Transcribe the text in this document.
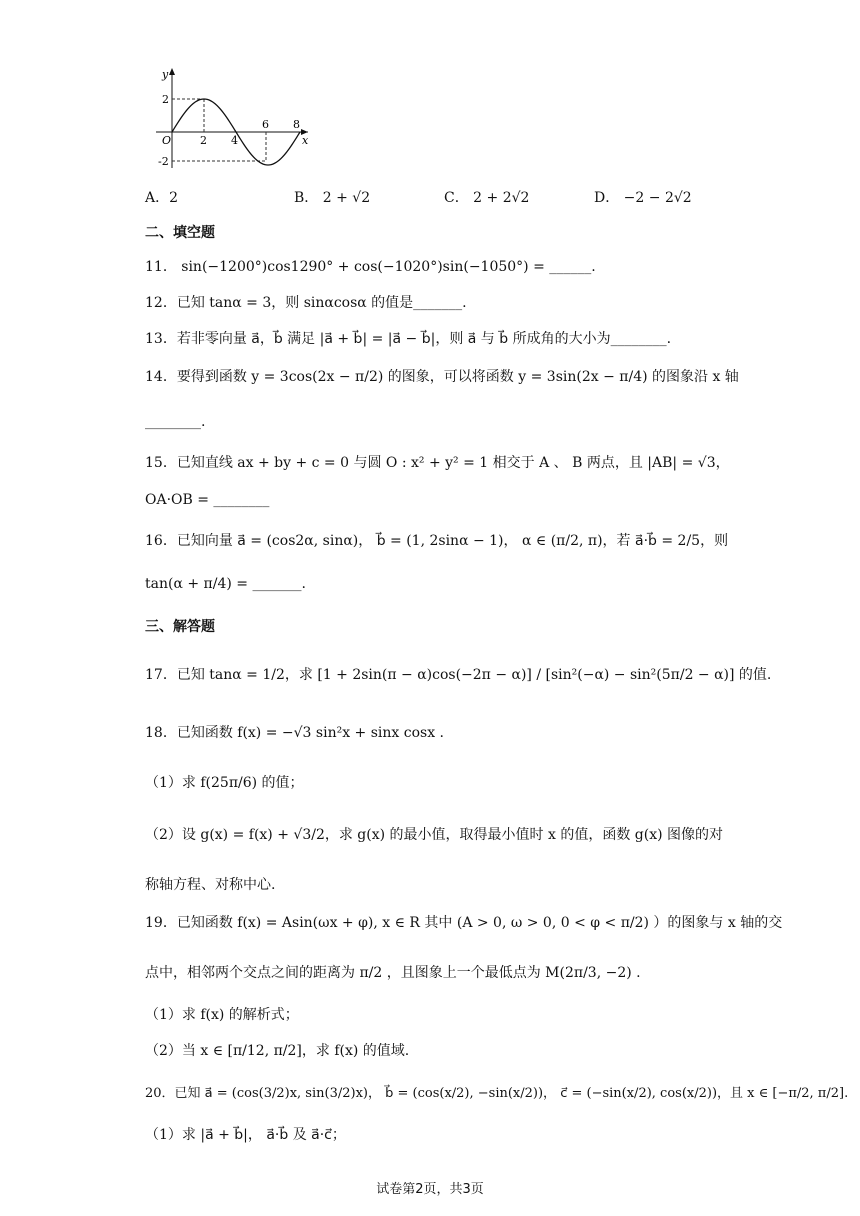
y
x
O
2
-2
2 4
6 8
A．2	B． 2 + √2	C． 2 + 2√2	D． −2 − 2√2
二、填空题
11． sin(−1200°)cos1290° + cos(−1020°)sin(−1050°) = ______.
12．已知 tanα = 3，则 sinαcosα 的值是_______.
13．若非零向量 a⃗，b⃗ 满足 |a⃗ + b⃗| = |a⃗ − b⃗|，则 a⃗ 与 b⃗ 所成角的大小为________.
14．要得到函数 y = 3cos(2x − π/2) 的图象，可以将函数 y = 3sin(2x − π/4) 的图象沿 x 轴
________.
15．已知直线 ax + by + c = 0 与圆 O : x² + y² = 1 相交于 A 、 B 两点，且 |AB| = √3，
OA·OB = ________
16．已知向量 a⃗ = (cos2α, sinα)， b⃗ = (1, 2sinα − 1)， α ∈ (π/2, π)，若 a⃗·b⃗ = 2/5，则
tan(α + π/4) = _______.
三、解答题
17．已知 tanα = 1/2，求 [1 + 2sin(π − α)cos(−2π − α)] / [sin²(−α) − sin²(5π/2 − α)] 的值.
18．已知函数 f(x) = −√3 sin²x + sinx cosx .
（1）求 f(25π/6) 的值；
（2）设 g(x) = f(x) + √3/2，求 g(x) 的最小值，取得最小值时 x 的值，函数 g(x) 图像的对
称轴方程、对称中心.
19．已知函数 f(x) = Asin(ωx + φ), x ∈ R 其中 (A > 0, ω > 0, 0 < φ < π/2) ）的图象与 x 轴的交
点中，相邻两个交点之间的距离为 π/2 ，且图象上一个最低点为 M(2π/3, −2) .
（1）求 f(x) 的解析式；
（2）当 x ∈ [π/12, π/2]，求 f(x) 的值域.
20．已知 a⃗ = (cos(3/2)x, sin(3/2)x)， b⃗ = (cos(x/2), −sin(x/2))， c⃗ = (−sin(x/2), cos(x/2))，且 x ∈ [−π/2, π/2].
（1）求 |a⃗ + b⃗|， a⃗·b⃗ 及 a⃗·c⃗；
试卷第2页，共3页
